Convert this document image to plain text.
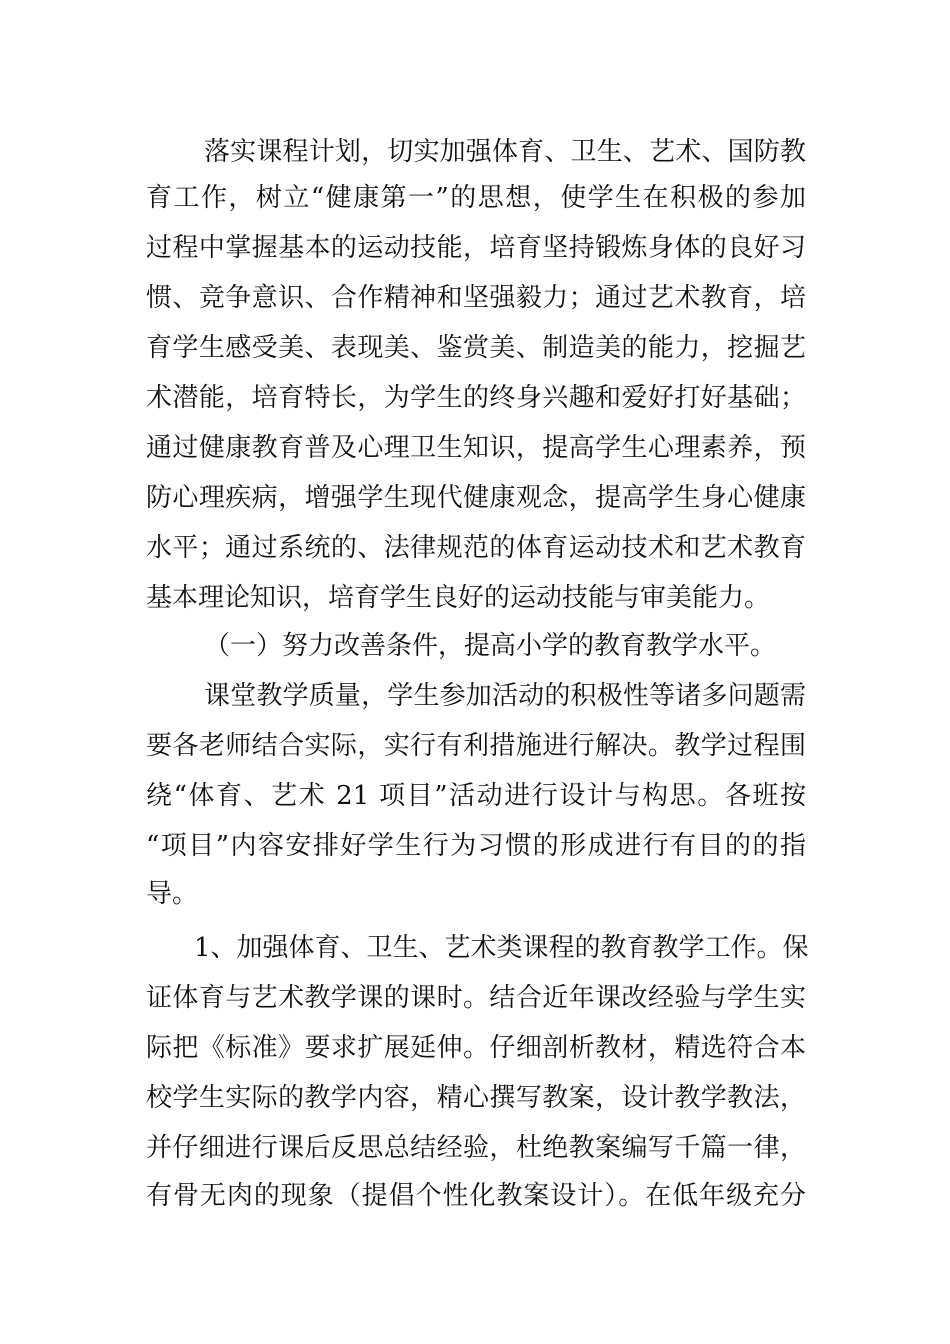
落实课程计划，切实加强体育、卫生、艺术、国防教
育工作，树立“健康第一”的思想，使学生在积极的参加
过程中掌握基本的运动技能，培育坚持锻炼身体的良好习
惯、竞争意识、合作精神和坚强毅力；通过艺术教育，培
育学生感受美、表现美、鉴赏美、制造美的能力，挖掘艺
术潜能，培育特长，为学生的终身兴趣和爱好打好基础；
通过健康教育普及心理卫生知识，提高学生心理素养，预
防心理疾病，增强学生现代健康观念，提高学生身心健康
水平；通过系统的、法律规范的体育运动技术和艺术教育
基本理论知识，培育学生良好的运动技能与审美能力。
（一）努力改善条件，提高小学的教育教学水平。
课堂教学质量，学生参加活动的积极性等诸多问题需
要各老师结合实际，实行有利措施进行解决。教学过程围
绕“体育、艺术 21 项目”活动进行设计与构思。各班按
“项目”内容安排好学生行为习惯的形成进行有目的的指
导。
1、加强体育、卫生、艺术类课程的教育教学工作。保
证体育与艺术教学课的课时。结合近年课改经验与学生实
际把《标准》要求扩展延伸。仔细剖析教材，精选符合本
校学生实际的教学内容，精心撰写教案，设计教学教法，
并仔细进行课后反思总结经验，杜绝教案编写千篇一律，
有骨无肉的现象（提倡个性化教案设计）。在低年级充分
